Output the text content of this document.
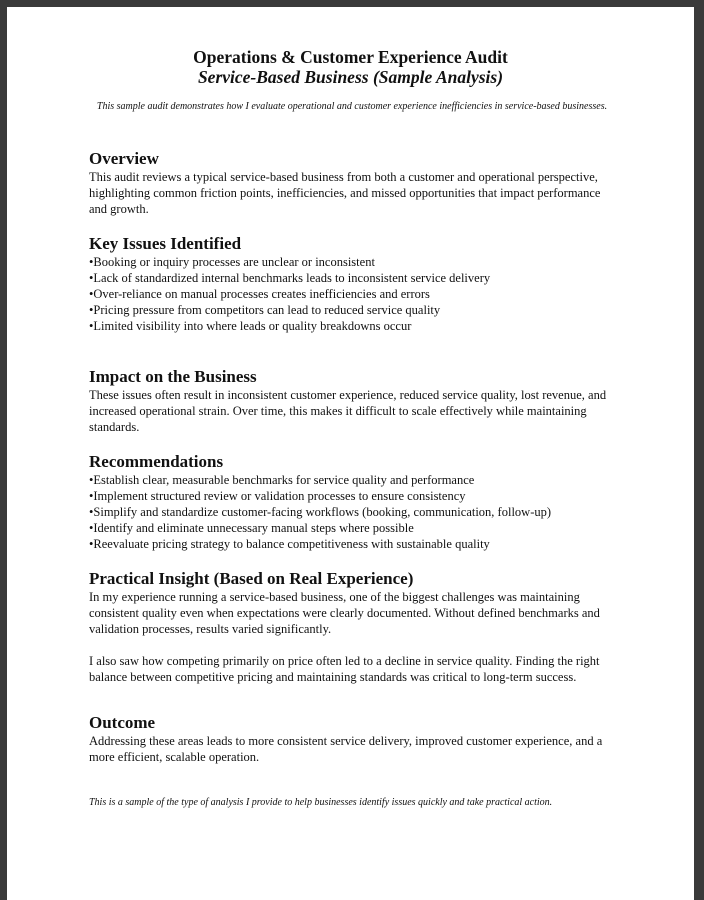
Operations & Customer Experience Audit
Service-Based Business (Sample Analysis)
This sample audit demonstrates how I evaluate operational and customer experience inefficiencies in service-based businesses.
Overview

This audit reviews a typical service-based business from both a customer and operational perspective, highlighting common friction points, inefficiencies, and missed opportunities that impact performance and growth.

Key Issues Identified
• Booking or inquiry processes are unclear or inconsistent
• Lack of standardized internal benchmarks leads to inconsistent service delivery
• Over-reliance on manual processes creates inefficiencies and errors
• Pricing pressure from competitors can lead to reduced service quality
• Limited visibility into where leads or quality breakdowns occur
Impact on the Business

These issues often result in inconsistent customer experience, reduced service quality, lost revenue, and increased operational strain. Over time, this makes it difficult to scale effectively while maintaining standards.

Recommendations
• Establish clear, measurable benchmarks for service quality and performance
• Implement structured review or validation processes to ensure consistency
• Simplify and standardize customer-facing workflows (booking, communication, follow-up)
• Identify and eliminate unnecessary manual steps where possible
• Reevaluate pricing strategy to balance competitiveness with sustainable quality
Practical Insight (Based on Real Experience)

In my experience running a service-based business, one of the biggest challenges was maintaining consistent quality even when expectations were clearly documented. Without defined benchmarks and validation processes, results varied significantly.

I also saw how competing primarily on price often led to a decline in service quality. Finding the right balance between competitive pricing and maintaining standards was critical to long-term success.

Outcome

Addressing these areas leads to more consistent service delivery, improved customer experience, and a more efficient, scalable operation.

This is a sample of the type of analysis I provide to help businesses identify issues quickly and take practical action.
